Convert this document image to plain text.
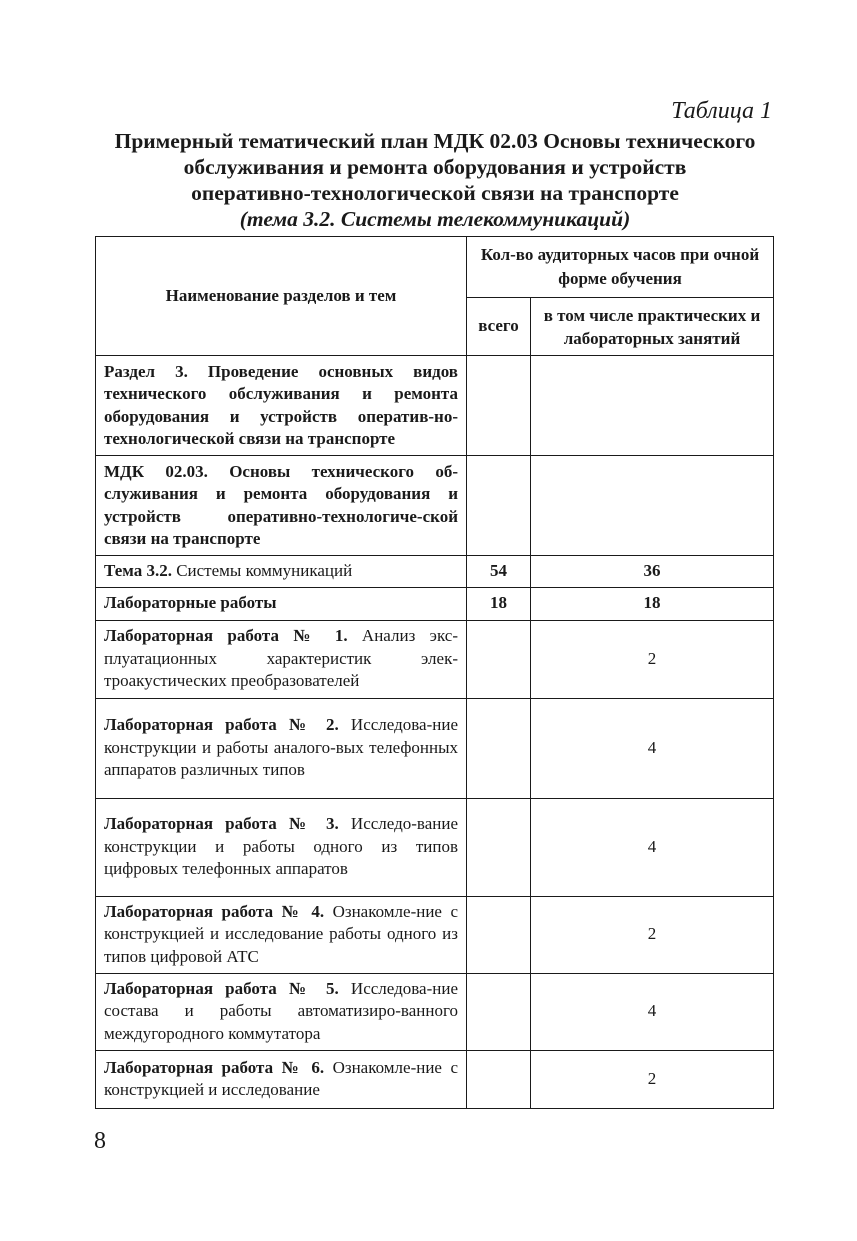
Таблица 1
Примерный тематический план МДК 02.03 Основы технического
обслуживания и ремонта оборудования и устройств
оперативно-технологической связи на транспорте
(тема 3.2. Системы телекоммуникаций)
Наименование разделов и тем	Кол-во аудиторных часов при очной форме обучения	
	всего	в том числе практических и лабораторных занятий
Раздел 3. Проведение основных видов технического обслуживания и ремонта оборудования и устройств оператив-но-технологической связи на транспорте		
МДК 02.03. Основы технического об-служивания и ремонта оборудования и устройств оперативно-технологиче-ской связи на транспорте		
Тема 3.2. Системы коммуникаций	54	36
Лабораторные работы	18	18
Лабораторная работа № 1. Анализ экс-плуатационных характеристик элек-троакустических преобразователей		2
Лабораторная работа № 2. Исследова-ние конструкции и работы аналого-вых телефонных аппаратов различных типов		4
Лабораторная работа № 3. Исследо-вание конструкции и работы одного из типов цифровых телефонных аппаратов		4
Лабораторная работа № 4. Ознакомле-ние с конструкцией и исследование работы одного из типов цифровой АТС		2
Лабораторная работа № 5. Исследова-ние состава и работы автоматизиро-ванного междугородного коммутатора		4
Лабораторная работа № 6. Ознакомле-ние с конструкцией и исследование		2
8
